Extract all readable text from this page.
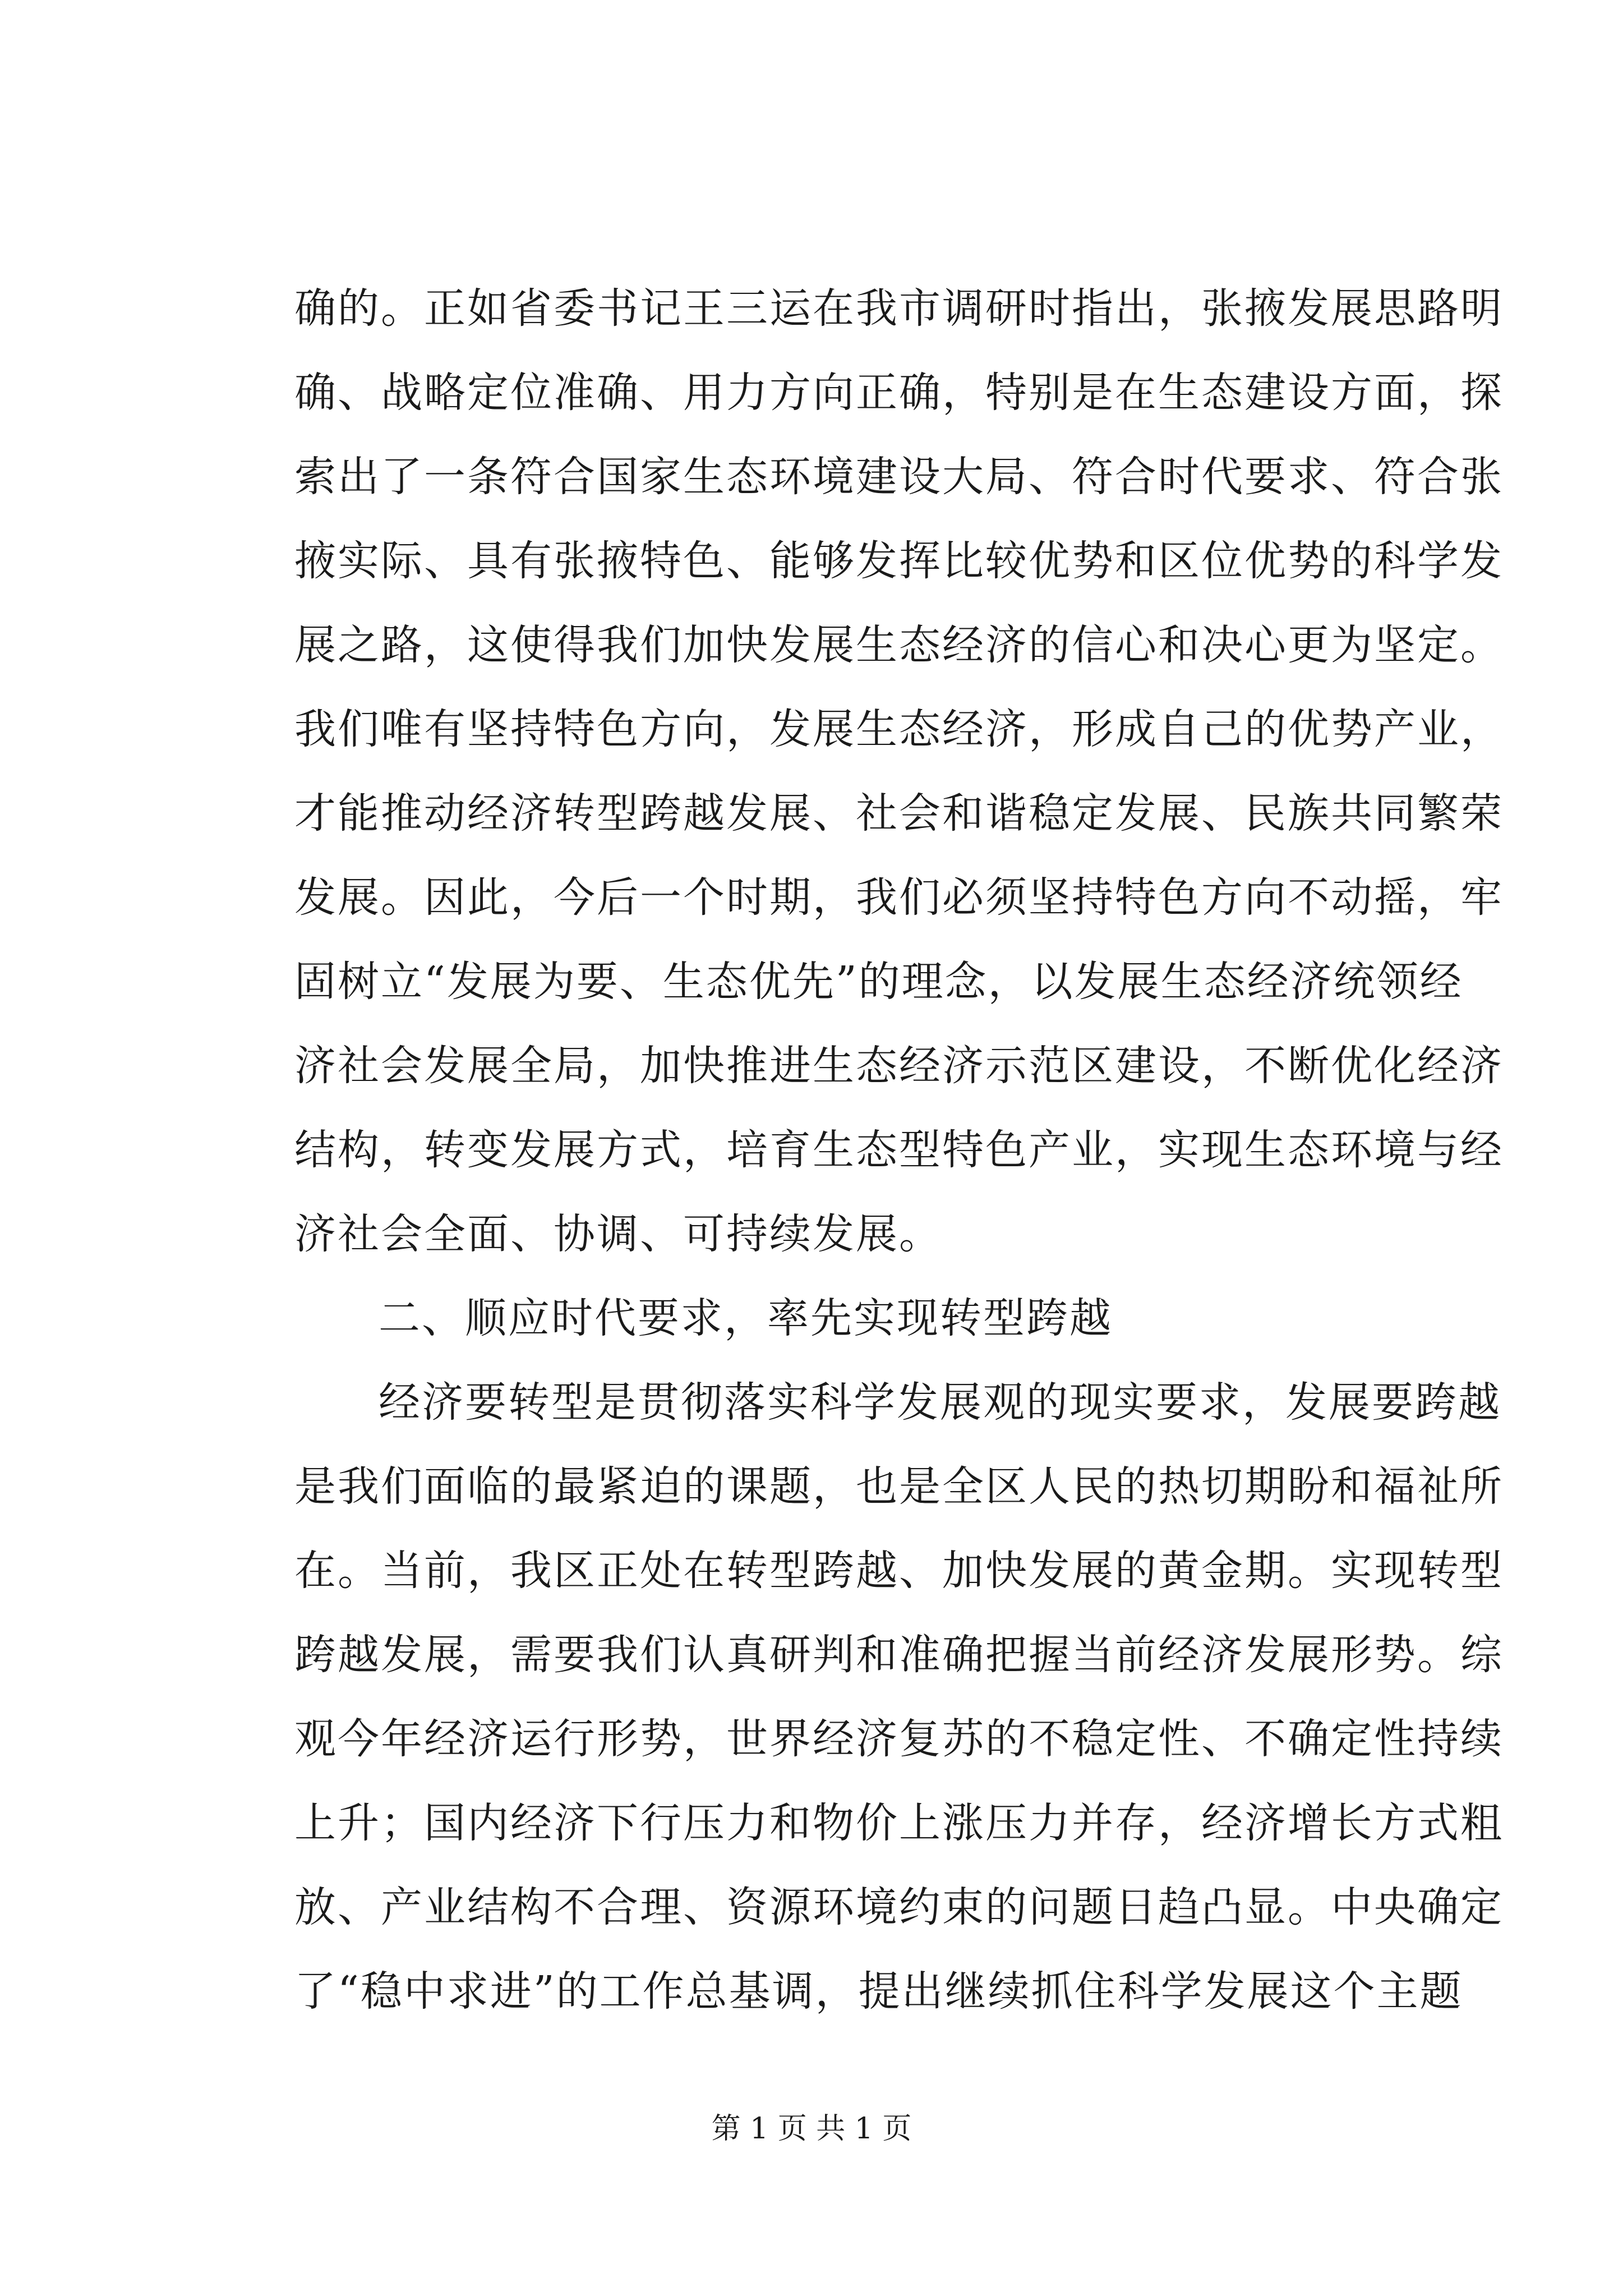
确的。正如省委书记王三运在我市调研时指出，张掖发展思路明
确、战略定位准确、用力方向正确，特别是在生态建设方面，探
索出了一条符合国家生态环境建设大局、符合时代要求、符合张
掖实际、具有张掖特色、能够发挥比较优势和区位优势的科学发
展之路，这使得我们加快发展生态经济的信心和决心更为坚定。
我们唯有坚持特色方向，发展生态经济，形成自己的优势产业，
才能推动经济转型跨越发展、社会和谐稳定发展、民族共同繁荣
发展。因此，今后一个时期，我们必须坚持特色方向不动摇，牢
固树立“发展为要、生态优先”的理念，以发展生态经济统领经
济社会发展全局，加快推进生态经济示范区建设，不断优化经济
结构，转变发展方式，培育生态型特色产业，实现生态环境与经
济社会全面、协调、可持续发展。
二、顺应时代要求，率先实现转型跨越
经济要转型是贯彻落实科学发展观的现实要求，发展要跨越
是我们面临的最紧迫的课题，也是全区人民的热切期盼和福祉所
在。当前，我区正处在转型跨越、加快发展的黄金期。实现转型
跨越发展，需要我们认真研判和准确把握当前经济发展形势。综
观今年经济运行形势，世界经济复苏的不稳定性、不确定性持续
上升；国内经济下行压力和物价上涨压力并存，经济增长方式粗
放、产业结构不合理、资源环境约束的问题日趋凸显。中央确定
了“稳中求进”的工作总基调，提出继续抓住科学发展这个主题
第 1 页 共 1 页
